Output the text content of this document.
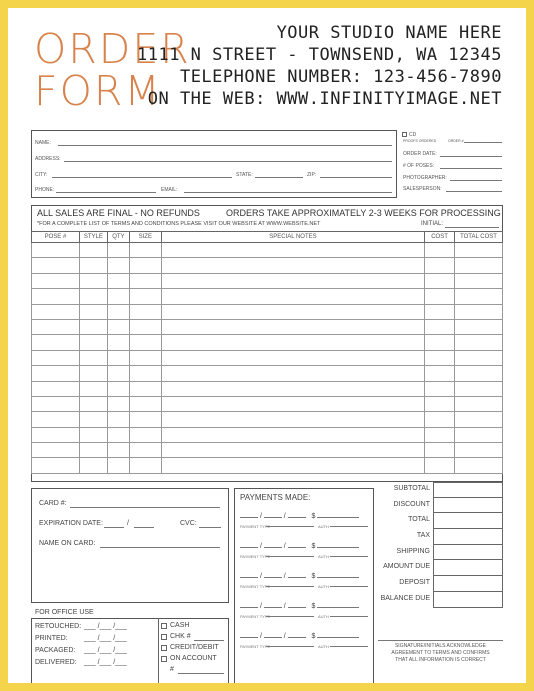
ORDER
FORM
YOUR STUDIO NAME HERE
1111 N STREET - TOWNSEND, WA 12345
TELEPHONE NUMBER: 123-456-7890
ON THE WEB: WWW.INFINITYIMAGE.NET
NAME:
ADDRESS:
CITY:	STATE:	ZIP:
PHONE:	EMAIL:
CD
PROOFS ORDERED	ORDER #
ORDER DATE:
# OF POSES:
PHOTOGRAPHER:
SALESPERSON:
ALL SALES ARE FINAL - NO REFUNDS	ORDERS TAKE APPROXIMATELY 2-3 WEEKS FOR PROCESSING
*FOR A COMPLETE LIST OF TERMS AND CONDITIONS PLEASE VISIT OUR WEBSITE AT WWW.WEBSITE.NET	INITIAL:
POSE #	STYLE	QTY	SIZE	SPECIAL NOTES	COST	TOTAL COST

CARD #:
EXPIRATION DATE:	/	CVC:
NAME ON CARD:
PAYMENTS MADE:
/	/	$
PAYMENT TYPE	AUTH
/	/	$
PAYMENT TYPE	AUTH
/	/	$
PAYMENT TYPE	AUTH
/	/	$
PAYMENT TYPE	AUTH
/	/	$
PAYMENT TYPE	AUTH
SUBTOTAL
DISCOUNT
TOTAL
TAX
SHIPPING
AMOUNT DUE
DEPOSIT
BALANCE DUE
SIGNATURE/INITIALS ACKNOWLEDGE
AGREEMENT TO TERMS AND CONFIRMS
THAT ALL INFORMATION IS CORRECT
FOR OFFICE USE
RETOUCHED: ___ /___ /___
PRINTED: ___ /___ /___
PACKAGED: ___ /___ /___
DELIVERED: ___ /___ /___
CASH
CHK #
CREDIT/DEBIT
ON ACCOUNT
#
